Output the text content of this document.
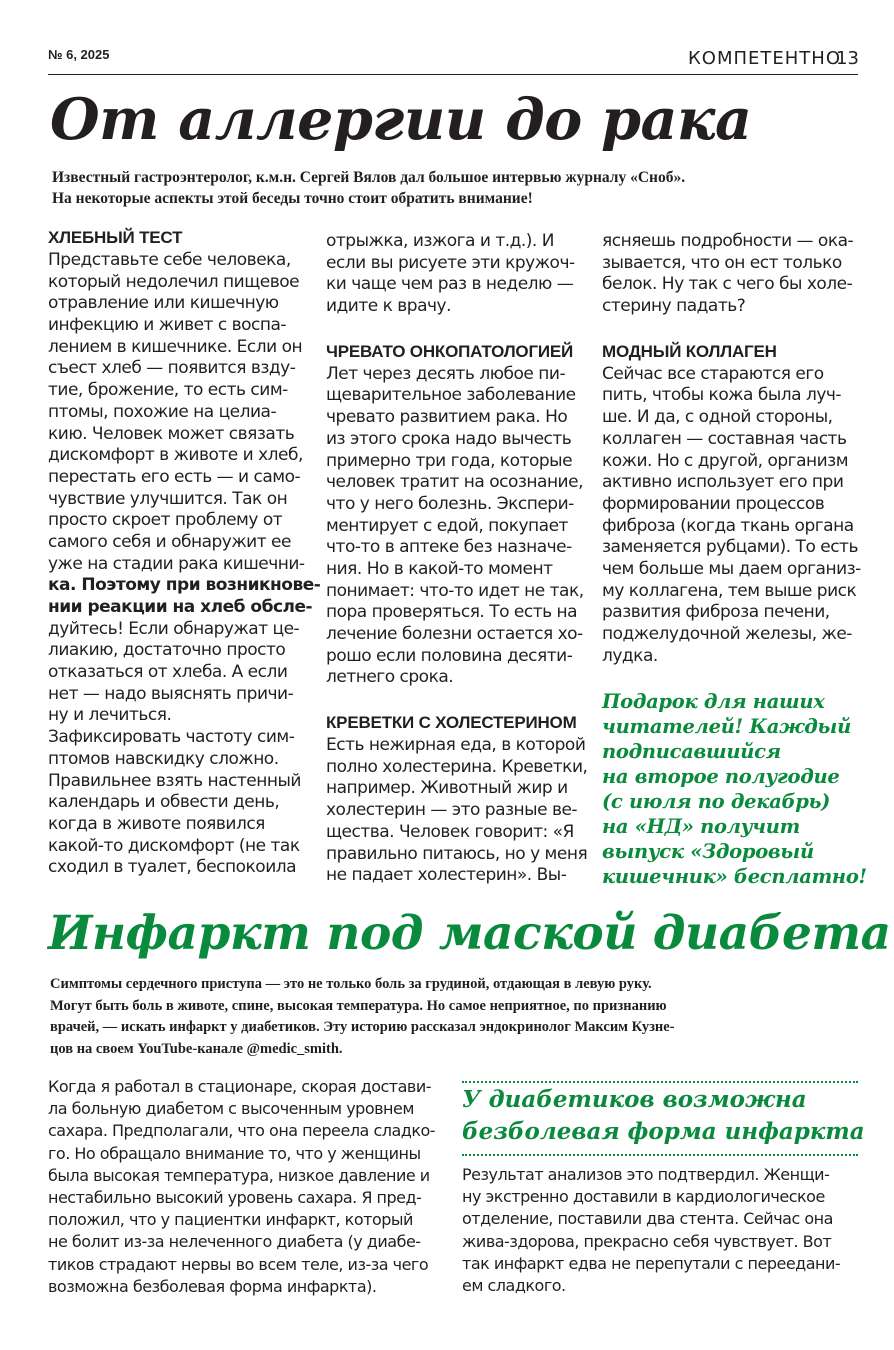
№ 6, 2025	КОМПЕТЕНТНО
13
От аллергии до рака
Известный гастроэнтеролог, к.м.н. Сергей Вялов дал большое интервью журналу «Сноб».
На некоторые аспекты этой беседы точно стоит обратить внимание!
ХЛЕБНЫЙ ТЕСТ
Представьте себе человека,
который недолечил пищевое
отравление или кишечную
инфекцию и живет с воспа-
лением в кишечнике. Если он
съест хлеб — появится взду-
тие, брожение, то есть сим-
птомы, похожие на целиа-
кию. Человек может связать
дискомфорт в животе и хлеб,
перестать его есть — и само-
чувствие улучшится. Так он
просто скроет проблему от
самого себя и обнаружит ее
уже на стадии рака кишечни-
ка. Поэтому при возникнове-
нии реакции на хлеб обсле-
дуйтесь! Если обнаружат це-
лиакию, достаточно просто
отказаться от хлеба. А если
нет — надо выяснять причи-
ну и лечиться.
Зафиксировать частоту сим-
птомов навскидку сложно.
Правильнее взять настенный
календарь и обвести день,
когда в животе появился
какой-то дискомфорт (не так
сходил в туалет, беспокоила
отрыжка, изжога и т.д.). И
если вы рисуете эти кружоч-
ки чаще чем раз в неделю —
идите к врачу.
ЧРЕВАТО ОНКОПАТОЛОГИЕЙ
Лет через десять любое пи-
щеварительное заболевание
чревато развитием рака. Но
из этого срока надо вычесть
примерно три года, которые
человек тратит на осознание,
что у него болезнь. Экспери-
ментирует с едой, покупает
что-то в аптеке без назначе-
ния. Но в какой-то момент
понимает: что-то идет не так,
пора проверяться. То есть на
лечение болезни остается хо-
рошо если половина десяти-
летнего срока.
КРЕВЕТКИ С ХОЛЕСТЕРИНОМ
Есть нежирная еда, в которой
полно холестерина. Креветки,
например. Животный жир и
холестерин — это разные ве-
щества. Человек говорит: «Я
правильно питаюсь, но у меня
не падает холестерин». Вы-
ясняешь подробности — ока-
зывается, что он ест только
белок. Ну так с чего бы холе-
стерину падать?
МОДНЫЙ КОЛЛАГЕН
Сейчас все стараются его
пить, чтобы кожа была луч-
ше. И да, с одной стороны,
коллаген — составная часть
кожи. Но с другой, организм
активно использует его при
формировании процессов
фиброза (когда ткань органа
заменяется рубцами). То есть
чем больше мы даем организ-
му коллагена, тем выше риск
развития фиброза печени,
поджелудочной железы, же-
лудка.
Подарок для наших
читателей! Каждый
подписавшийся
на второе полугодие
(с июля по декабрь)
на «НД» получит
выпуск «Здоровый
кишечник» бесплатно!
Инфаркт под маской диабета
Симптомы сердечного приступа — это не только боль за грудиной, отдающая в левую руку.
Могут быть боль в животе, спине, высокая температура. Но самое неприятное, по признанию
врачей, — искать инфаркт у диабетиков. Эту историю рассказал эндокринолог Максим Кузне-
цов на своем YouTube-канале @medic_smith.
Когда я работал в стационаре, скорая достави-
ла больную диабетом с высоченным уровнем
сахара. Предполагали, что она переела сладко-
го. Но обращало внимание то, что у женщины
была высокая температура, низкое давление и
нестабильно высокий уровень сахара. Я пред-
положил, что у пациентки инфаркт, который
не болит из-за нелеченного диабета (у диабе-
тиков страдают нервы во всем теле, из-за чего
возможна безболевая форма инфаркта).
У диабетиков возможна
безболевая форма инфаркта
Результат анализов это подтвердил. Женщи-
ну экстренно доставили в кардиологическое
отделение, поставили два стента. Сейчас она
жива-здорова, прекрасно себя чувствует. Вот
так инфаркт едва не перепутали с переедани-
ем сладкого.
